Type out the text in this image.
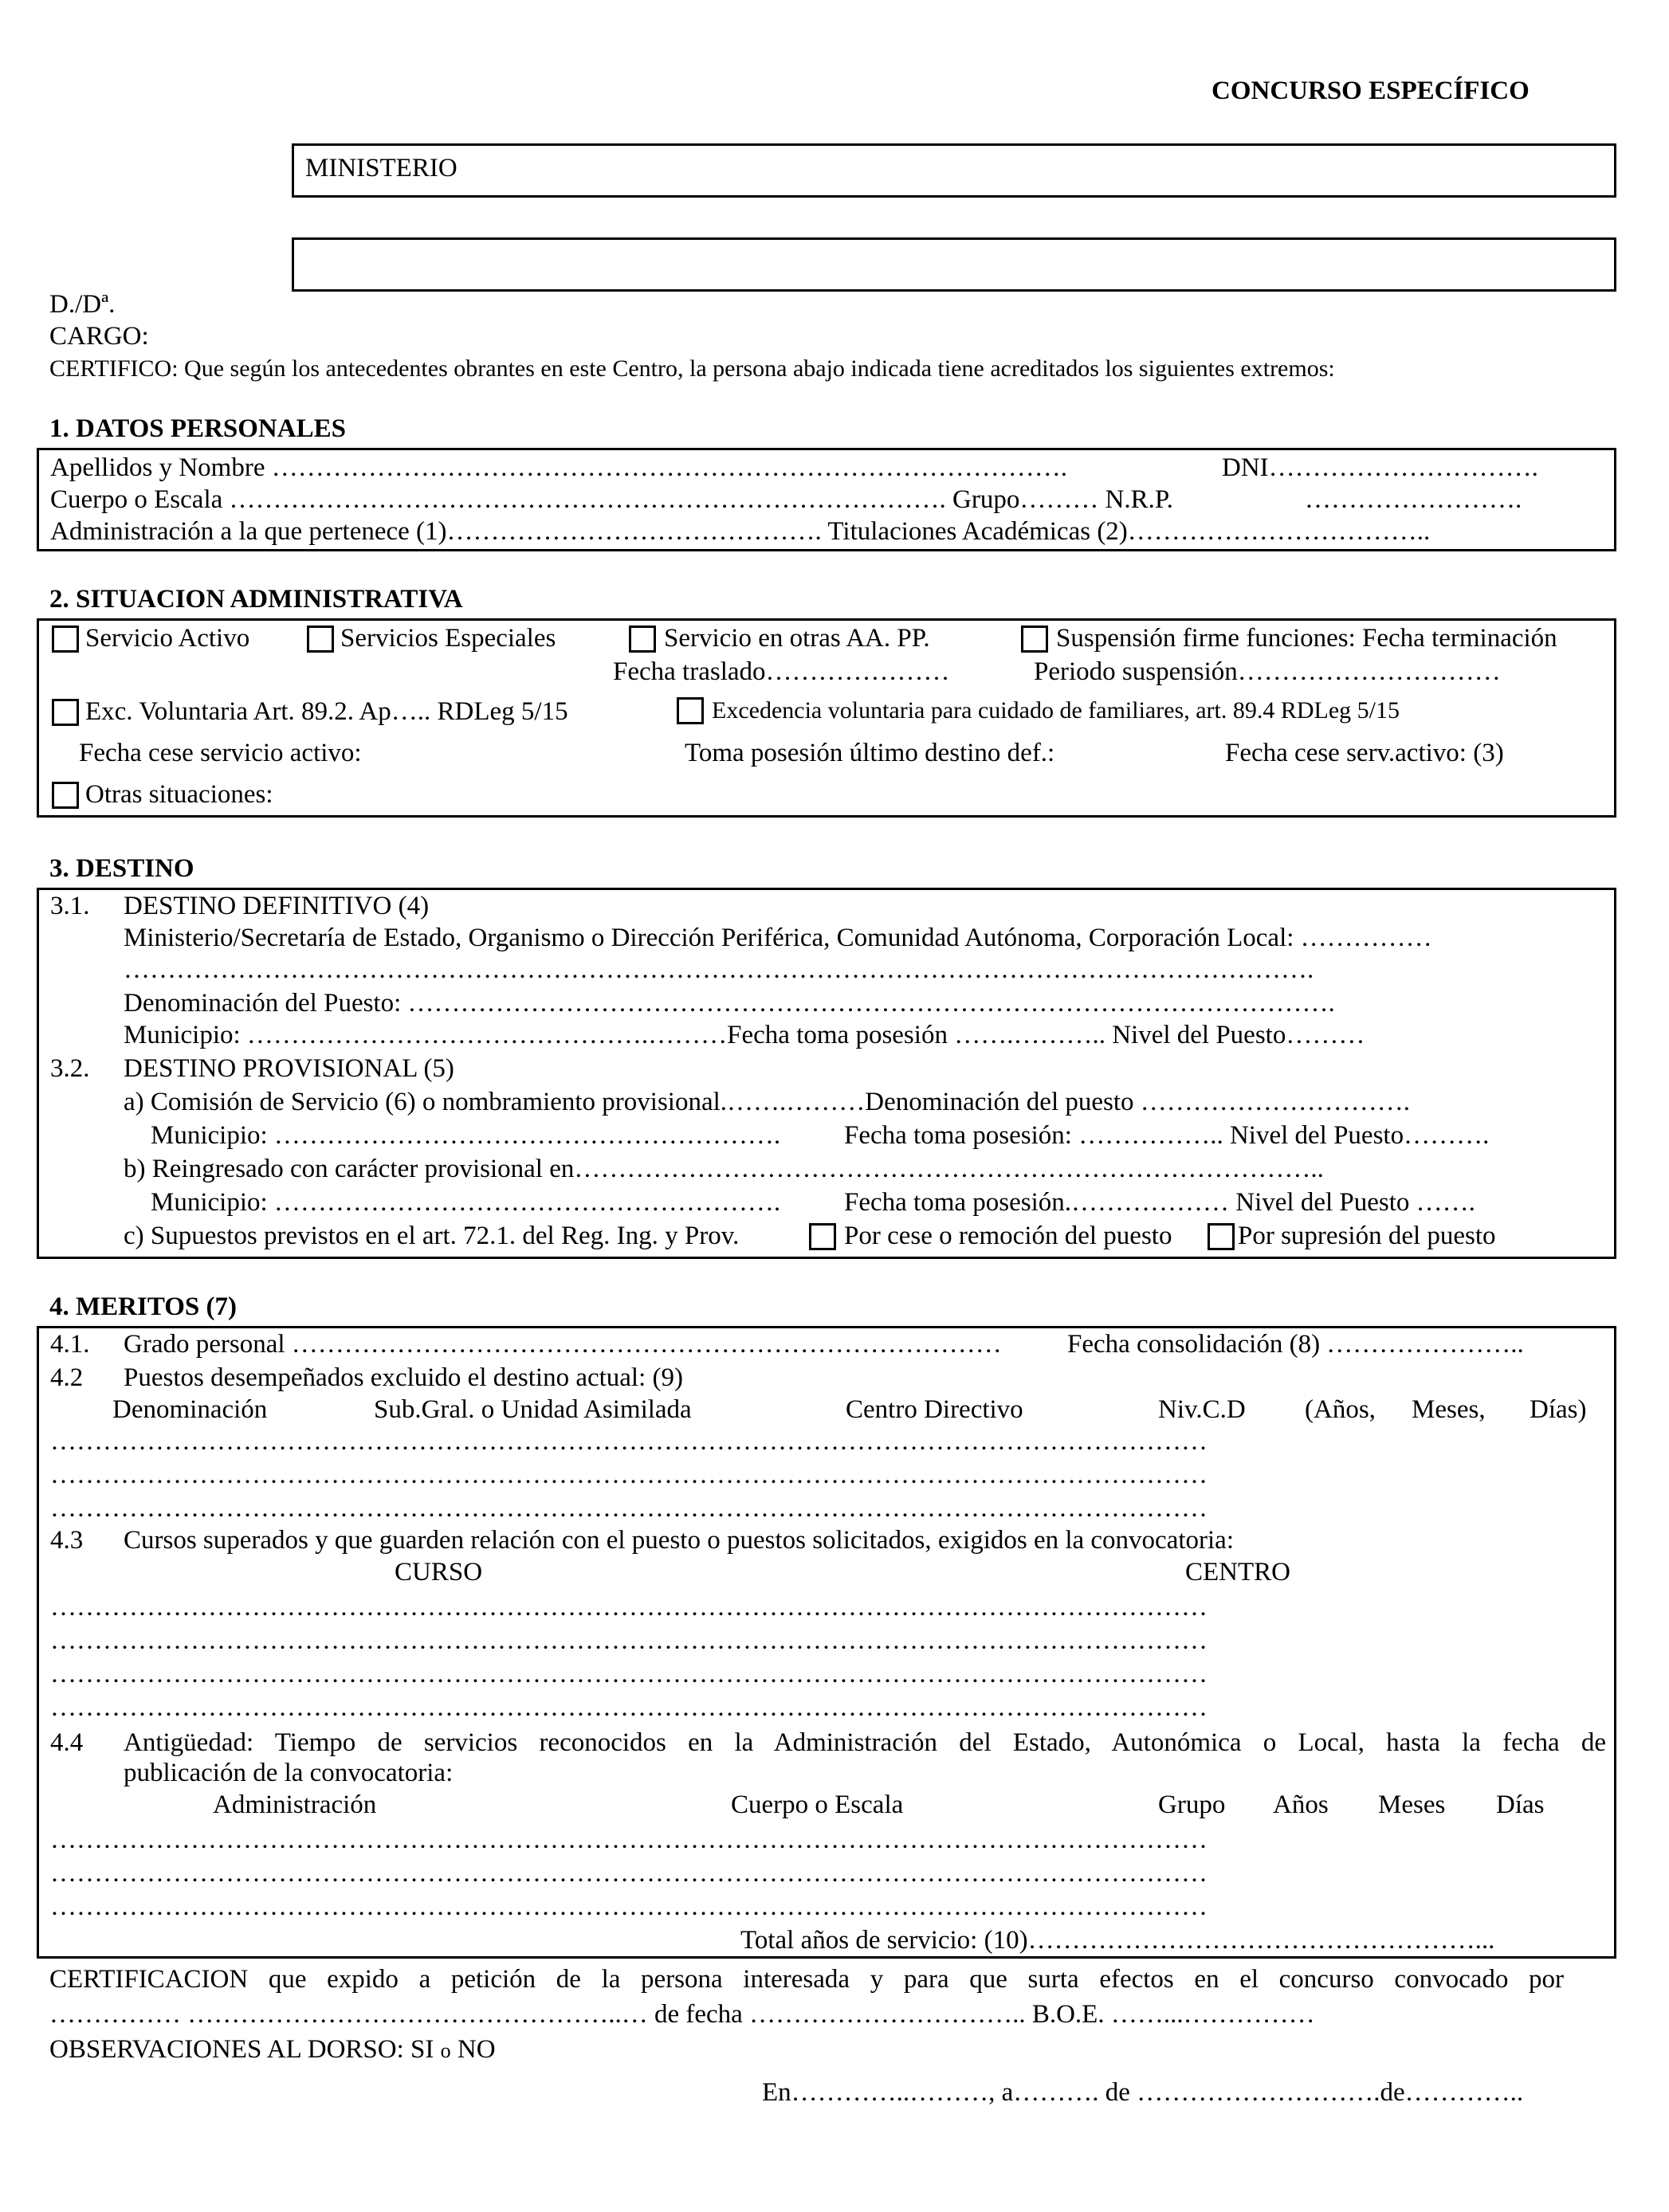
CONCURSO ESPECÍFICO
MINISTERIO
D./Dª.
CARGO:
CERTIFICO: Que según los antecedentes obrantes en este Centro, la persona abajo indicada tiene acreditados los siguientes extremos:
1. DATOS PERSONALES
Apellidos y Nombre ……………………………………………………………………………….	DNI………………………….
Cuerpo o Escala ………………………………………………………………………. Grupo……… N.R.P.	…………………….
Administración a la que pertenece (1)……………………………………. Titulaciones Académicas (2)……………………………..
2. SITUACION ADMINISTRATIVA
Servicio Activo	Servicios Especiales	Servicio en otras AA. PP.	Suspensión firme funciones: Fecha terminación
Fecha traslado…………………	Periodo suspensión…………………………
Exc. Voluntaria Art. 89.2. Ap….. RDLeg 5/15	Excedencia voluntaria para cuidado de familiares, art. 89.4 RDLeg 5/15
Fecha cese servicio activo:	Toma posesión último destino def.:	Fecha cese serv.activo: (3)
Otras situaciones:
3. DESTINO
3.1. DESTINO DEFINITIVO (4)
Ministerio/Secretaría de Estado, Organismo o Dirección Periférica, Comunidad Autónoma, Corporación Local: ……………
……………………………………………………………………………………………………………………….
Denominación del Puesto: …………………………………………………………………………………………….
Municipio: ……………………………………….………Fecha toma posesión …….……….. Nivel del Puesto………
3.2. DESTINO PROVISIONAL (5)
a) Comisión de Servicio (6) o nombramiento provisional.…….………Denominación del puesto ………………………….
Municipio: …………………………………………………. Fecha toma posesión: …………….. Nivel del Puesto……….
b) Reingresado con carácter provisional en…………………………………………………………………………..
Municipio: …………………………………………………. Fecha toma posesión.……………… Nivel del Puesto …….
c) Supuestos previstos en el art. 72.1. del Reg. Ing. y Prov.	Por cese o remoción del puesto	Por supresión del puesto
4. MERITOS (7)
4.1. Grado personal ……………………………………………………………………… Fecha consolidación (8) …………………..
4.2 Puestos desempeñados excluido el destino actual: (9)
Denominación	Sub.Gral. o Unidad Asimilada	Centro Directivo	Niv.C.D (Años, Meses, Días)
……………………………………………………………………………………………………………………
……………………………………………………………………………………………………………………
……………………………………………………………………………………………………………………
4.3 Cursos superados y que guarden relación con el puesto o puestos solicitados, exigidos en la convocatoria:
CURSO	CENTRO
……………………………………………………………………………………………………………………
……………………………………………………………………………………………………………………
……………………………………………………………………………………………………………………
……………………………………………………………………………………………………………………
4.4 Antigüedad: Tiempo de servicios reconocidos en la Administración del Estado, Autonómica o Local, hasta la fecha de
publicación de la convocatoria:
Administración	Cuerpo o Escala	Grupo Años Meses Días
……………………………………………………………………………………………………………………
……………………………………………………………………………………………………………………
……………………………………………………………………………………………………………………
Total años de servicio: (10)……………………………………………...
CERTIFICACION que expido a petición de la persona interesada y para que surta efectos en el concurso convocado por
…………… …………………………………………..… de fecha ………………………….. B.O.E. ……...……………
OBSERVACIONES AL DORSO: SI o NO
En…………..………, a………. de ……………………….de…………..
